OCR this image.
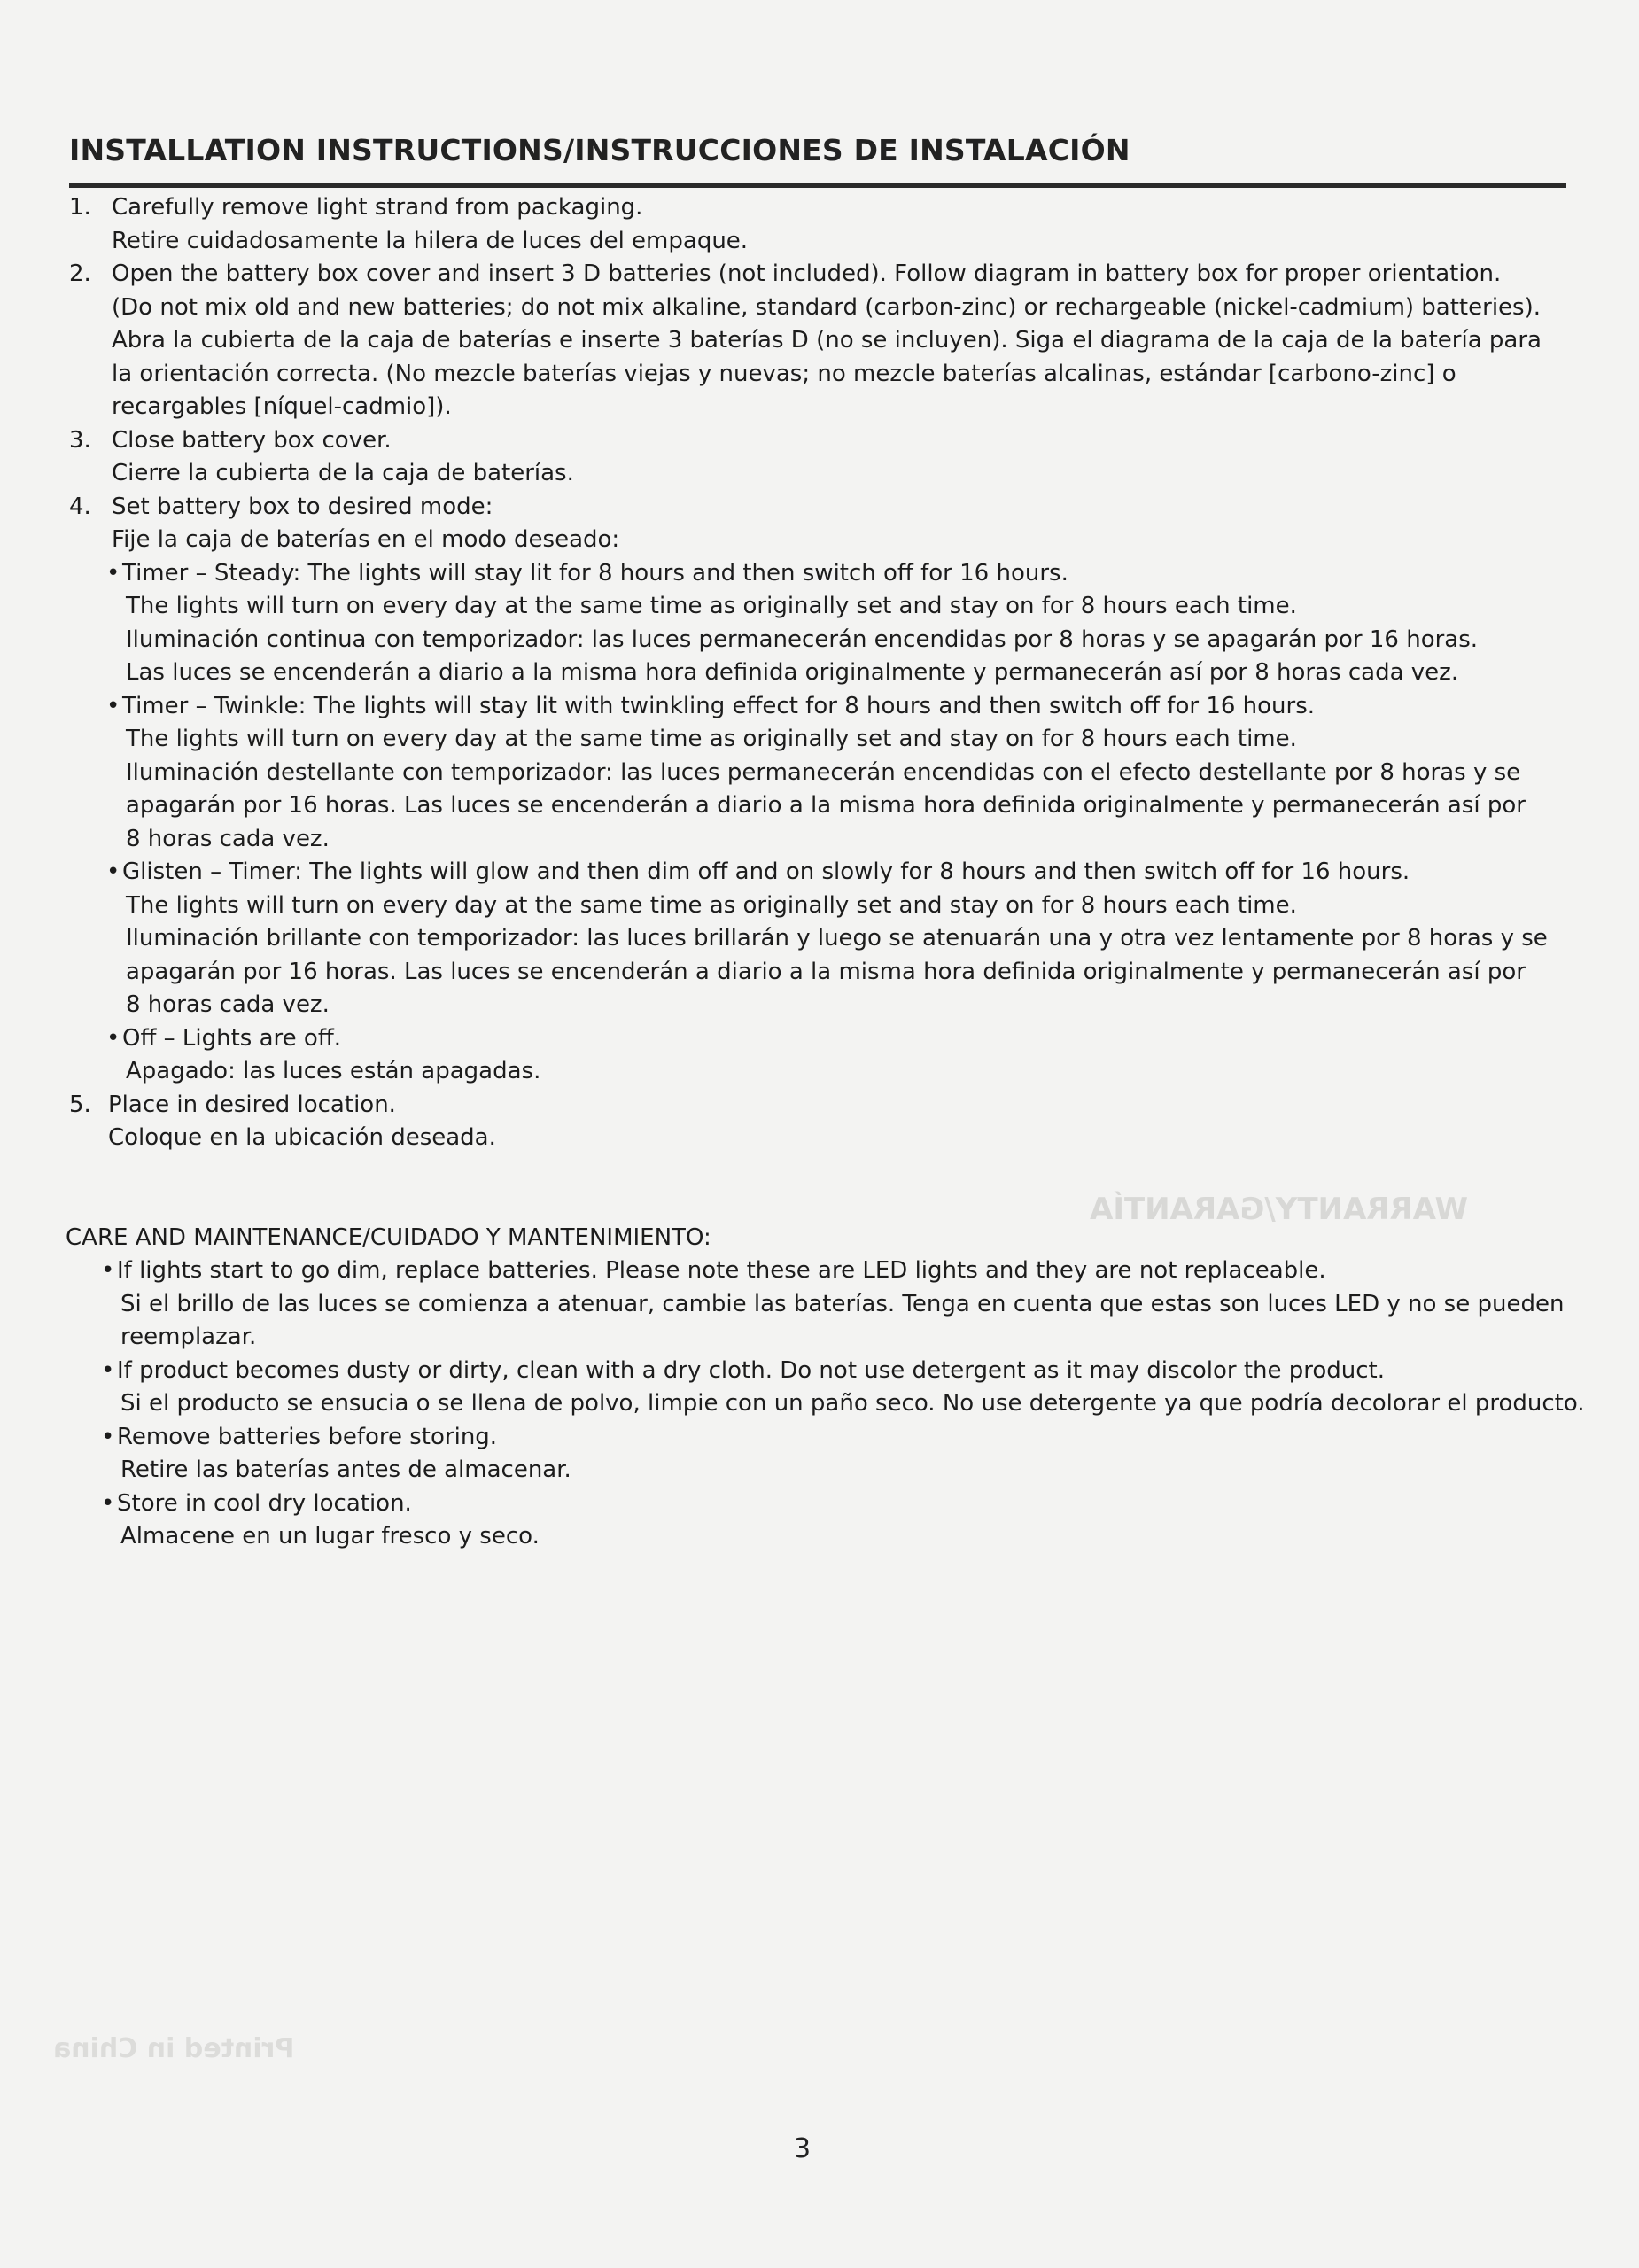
WARRANTY/GARANTÍA
Printed in China
INSTALLATION INSTRUCTIONS/INSTRUCCIONES DE INSTALACIÓN
1. Carefully remove light strand from packaging.
Retire cuidadosamente la hilera de luces del empaque.
2. Open the battery box cover and insert 3 D batteries (not included). Follow diagram in battery box for proper orientation.
(Do not mix old and new batteries; do not mix alkaline, standard (carbon-zinc) or rechargeable (nickel-cadmium) batteries).
Abra la cubierta de la caja de baterías e inserte 3 baterías D (no se incluyen). Siga el diagrama de la caja de la batería para
la orientación correcta. (No mezcle baterías viejas y nuevas; no mezcle baterías alcalinas, estándar [carbono-zinc] o
recargables [níquel-cadmio]).
3. Close battery box cover.
Cierre la cubierta de la caja de baterías.
4. Set battery box to desired mode:
Fije la caja de baterías en el modo deseado:
• Timer – Steady: The lights will stay lit for 8 hours and then switch off for 16 hours.
The lights will turn on every day at the same time as originally set and stay on for 8 hours each time.
Iluminación continua con temporizador: las luces permanecerán encendidas por 8 horas y se apagarán por 16 horas.
Las luces se encenderán a diario a la misma hora definida originalmente y permanecerán así por 8 horas cada vez.
• Timer – Twinkle: The lights will stay lit with twinkling effect for 8 hours and then switch off for 16 hours.
The lights will turn on every day at the same time as originally set and stay on for 8 hours each time.
Iluminación destellante con temporizador: las luces permanecerán encendidas con el efecto destellante por 8 horas y se
apagarán por 16 horas. Las luces se encenderán a diario a la misma hora definida originalmente y permanecerán así por
8 horas cada vez.
• Glisten – Timer: The lights will glow and then dim off and on slowly for 8 hours and then switch off for 16 hours.
The lights will turn on every day at the same time as originally set and stay on for 8 hours each time.
Iluminación brillante con temporizador: las luces brillarán y luego se atenuarán una y otra vez lentamente por 8 horas y se
apagarán por 16 horas. Las luces se encenderán a diario a la misma hora definida originalmente y permanecerán así por
8 horas cada vez.
• Off – Lights are off.
Apagado: las luces están apagadas.
5. Place in desired location.
Coloque en la ubicación deseada.
CARE AND MAINTENANCE/CUIDADO Y MANTENIMIENTO:
• If lights start to go dim, replace batteries. Please note these are LED lights and they are not replaceable.
Si el brillo de las luces se comienza a atenuar, cambie las baterías. Tenga en cuenta que estas son luces LED y no se pueden
reemplazar.
• If product becomes dusty or dirty, clean with a dry cloth. Do not use detergent as it may discolor the product.
Si el producto se ensucia o se llena de polvo, limpie con un paño seco. No use detergente ya que podría decolorar el producto.
• Remove batteries before storing.
Retire las baterías antes de almacenar.
• Store in cool dry location.
Almacene en un lugar fresco y seco.
3
